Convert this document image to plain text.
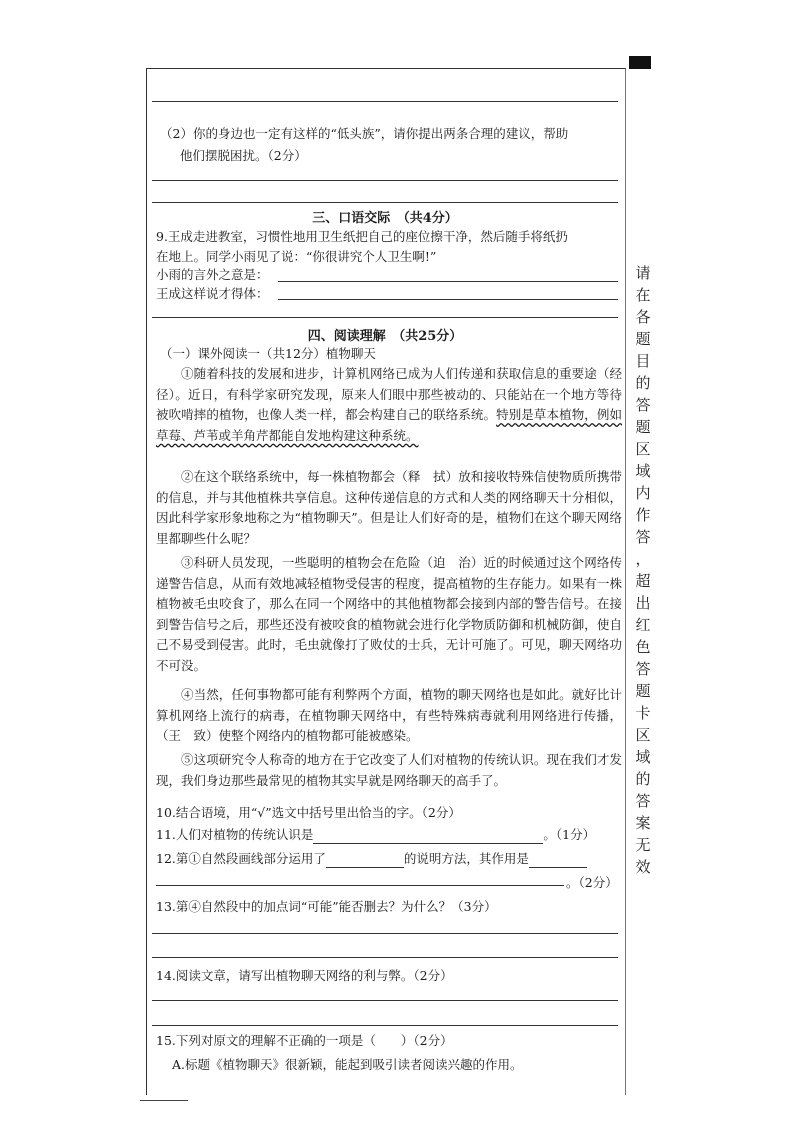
（2）你的身边也一定有这样的“低头族”，请你提出两条合理的建议，帮助
他们摆脱困扰。（2分）
三、口语交际　（共4分）
9.王成走进教室，习惯性地用卫生纸把自己的座位擦干净，然后随手将纸扔
在地上。同学小雨见了说：“你很讲究个人卫生啊!”
小雨的言外之意是：
王成这样说才得体：
四、阅读理解　（共25分）
（一）课外阅读一（共12分）植物聊天
①随着科技的发展和进步，计算机网络已成为人们传递和获取信息的重要途（经　径）。近日，有科学家研究发现，原来人们眼中那些被动的、只能站在一个地方等待被吹啃摔的植物，也像人类一样，都会构建自己的联络系统。特别是草本植物，例如草莓、芦苇或羊角芹都能自发地构建这种系统。
②在这个联络系统中，每一株植物都会（释　拭）放和接收特殊信使物质所携带的信息，并与其他植株共享信息。这种传递信息的方式和人类的网络聊天十分相似，因此科学家形象地称之为“植物聊天”。但是让人们好奇的是，植物们在这个聊天网络里都聊些什么呢？
③科研人员发现，一些聪明的植物会在危险（迫　治）近的时候通过这个网络传递警告信息，从而有效地减轻植物受侵害的程度，提高植物的生存能力。如果有一株植物被毛虫咬食了，那么在同一个网络中的其他植物都会接到内部的警告信号。在接到警告信号之后，那些还没有被咬食的植物就会进行化学物质防御和机械防御，使自己不易受到侵害。此时，毛虫就像打了败仗的士兵，无计可施了。可见，聊天网络功不可没。
④当然，任何事物都可能有利弊两个方面，植物的聊天网络也是如此。就好比计算机网络上流行的病毒，在植物聊天网络中，有些特殊病毒就利用网络进行传播，（王　致）使整个网络内的植物都可能被感染。
⑤这项研究令人称奇的地方在于它改变了人们对植物的传统认识。现在我们才发现，我们身边那些最常见的植物其实早就是网络聊天的高手了。
10.结合语境，用“√”选文中括号里出恰当的字。（2分）
11.人们对植物的传统认识是	。（1分）
12.第①自然段画线部分运用了	的说明方法，其作用是
。（2分）
13.第④自然段中的加点词“可能”能否删去？为什么？（3分）
14.阅读文章，请写出植物聊天网络的利与弊。（2分）
15.下列对原文的理解不正确的一项是（　　）（2分）
A.标题《植物聊天》很新颖，能起到吸引读者阅读兴趣的作用。
请
在
各
题
目
的
答
题
区
域
内
作
答
，
超
出
红
色
答
题
卡
区
域
的
答
案
无
效
